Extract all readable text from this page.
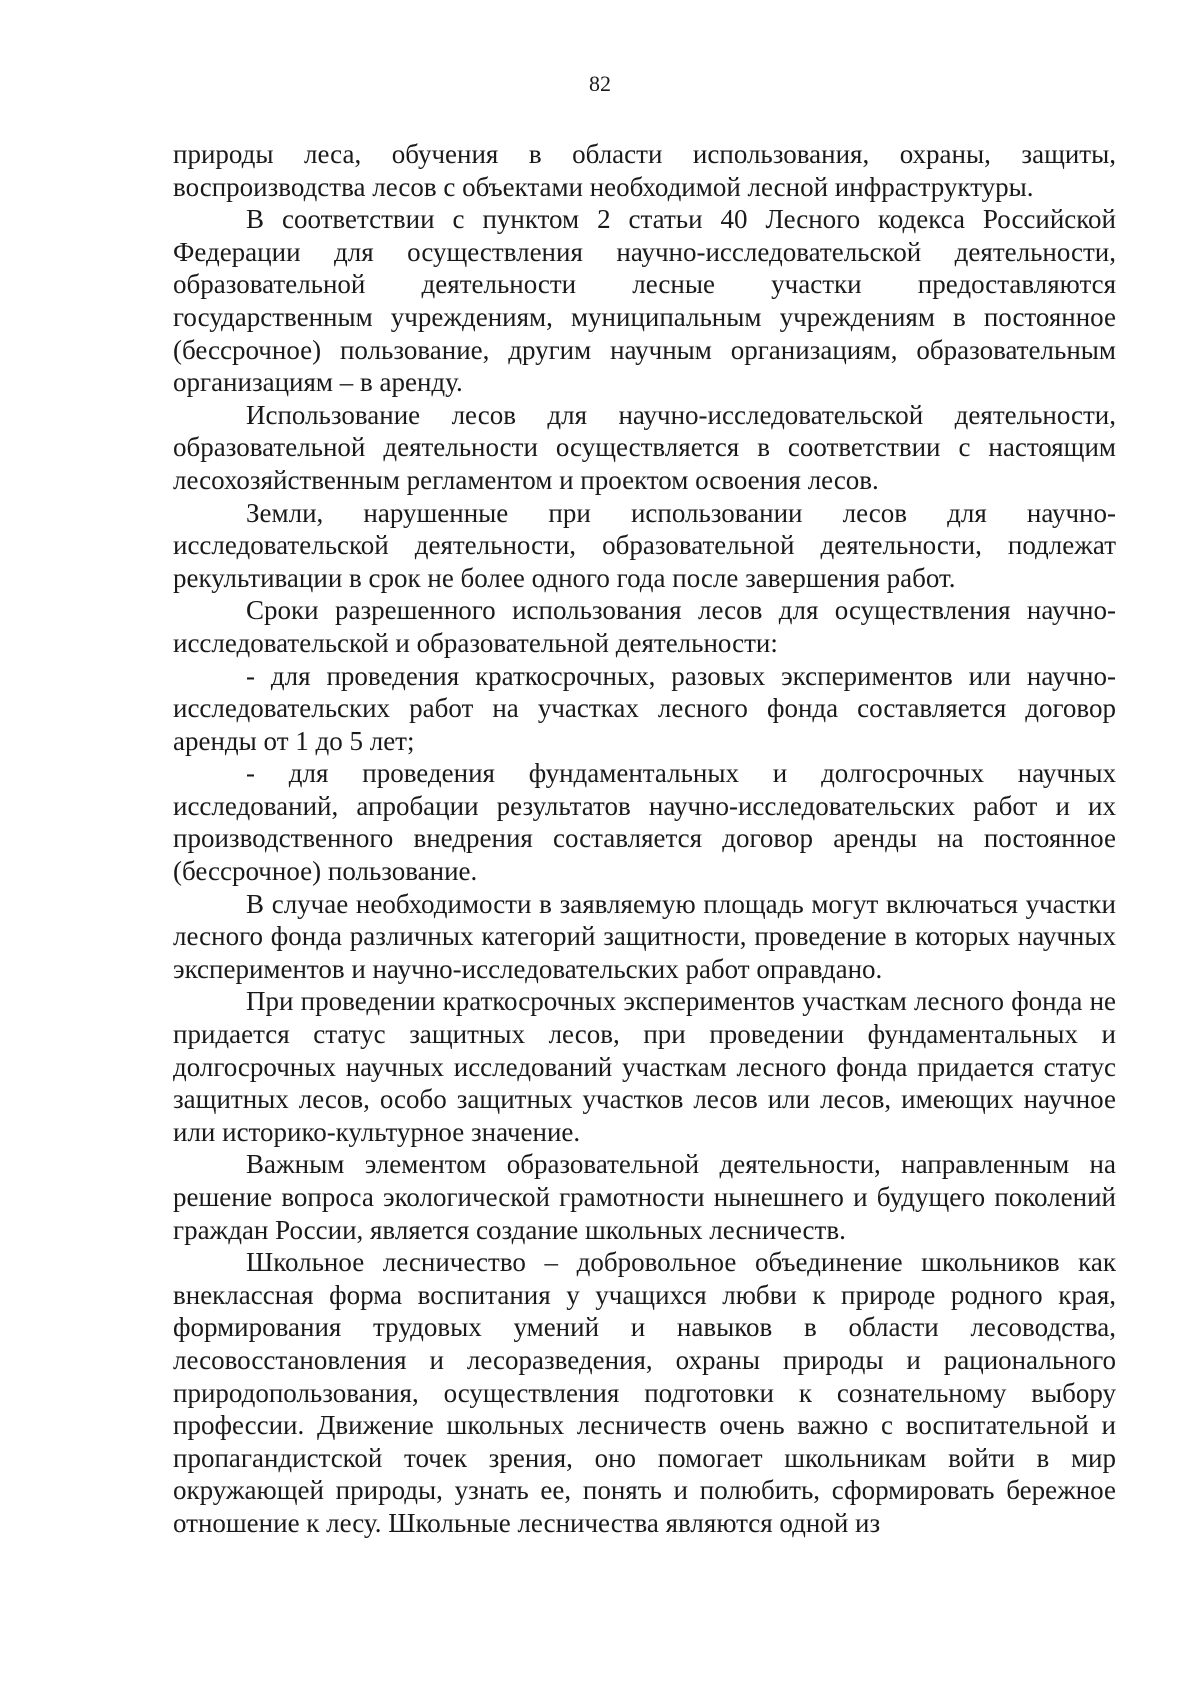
82

природы леса, обучения в области использования, охраны, защиты, воспроизводства лесов с объектами необходимой лесной инфраструктуры.

В соответствии с пунктом 2 статьи 40 Лесного кодекса Российской Федерации для осуществления научно-исследовательской деятельности, образовательной деятельности лесные участки предоставляются государственным учреждениям, муниципальным учреждениям в постоянное (бессрочное) пользование, другим научным организациям, образовательным организациям – в аренду.

Использование лесов для научно-исследовательской деятельности, образовательной деятельности осуществляется в соответствии с настоящим лесохозяйственным регламентом и проектом освоения лесов.

Земли, нарушенные при использовании лесов для научно-исследовательской деятельности, образовательной деятельности, подлежат рекультивации в срок не более одного года после завершения работ.

Сроки разрешенного использования лесов для осуществления научно-исследовательской и образовательной деятельности:

- для проведения краткосрочных, разовых экспериментов или научно-исследовательских работ на участках лесного фонда составляется договор аренды от 1 до 5 лет;

- для проведения фундаментальных и долгосрочных научных исследований, апробации результатов научно-исследовательских работ и их производственного внедрения составляется договор аренды на постоянное (бессрочное) пользование.

В случае необходимости в заявляемую площадь могут включаться участки лесного фонда различных категорий защитности, проведение в которых научных экспериментов и научно-исследовательских работ оправдано.

При проведении краткосрочных экспериментов участкам лесного фонда не придается статус защитных лесов, при проведении фундаментальных и долгосрочных научных исследований участкам лесного фонда придается статус защитных лесов, особо защитных участков лесов или лесов, имеющих научное или историко-культурное значение.

Важным элементом образовательной деятельности, направленным на решение вопроса экологической грамотности нынешнего и будущего поколений граждан России, является создание школьных лесничеств.

Школьное лесничество – добровольное объединение школьников как внеклассная форма воспитания у учащихся любви к природе родного края, формирования трудовых умений и навыков в области лесоводства, лесовосстановления и лесоразведения, охраны природы и рационального природопользования, осуществления подготовки к сознательному выбору профессии. Движение школьных лесничеств очень важно с воспитательной и пропагандистской точек зрения, оно помогает школьникам войти в мир окружающей природы, узнать ее, понять и полюбить, сформировать бережное отношение к лесу. Школьные лесничества являются одной из
